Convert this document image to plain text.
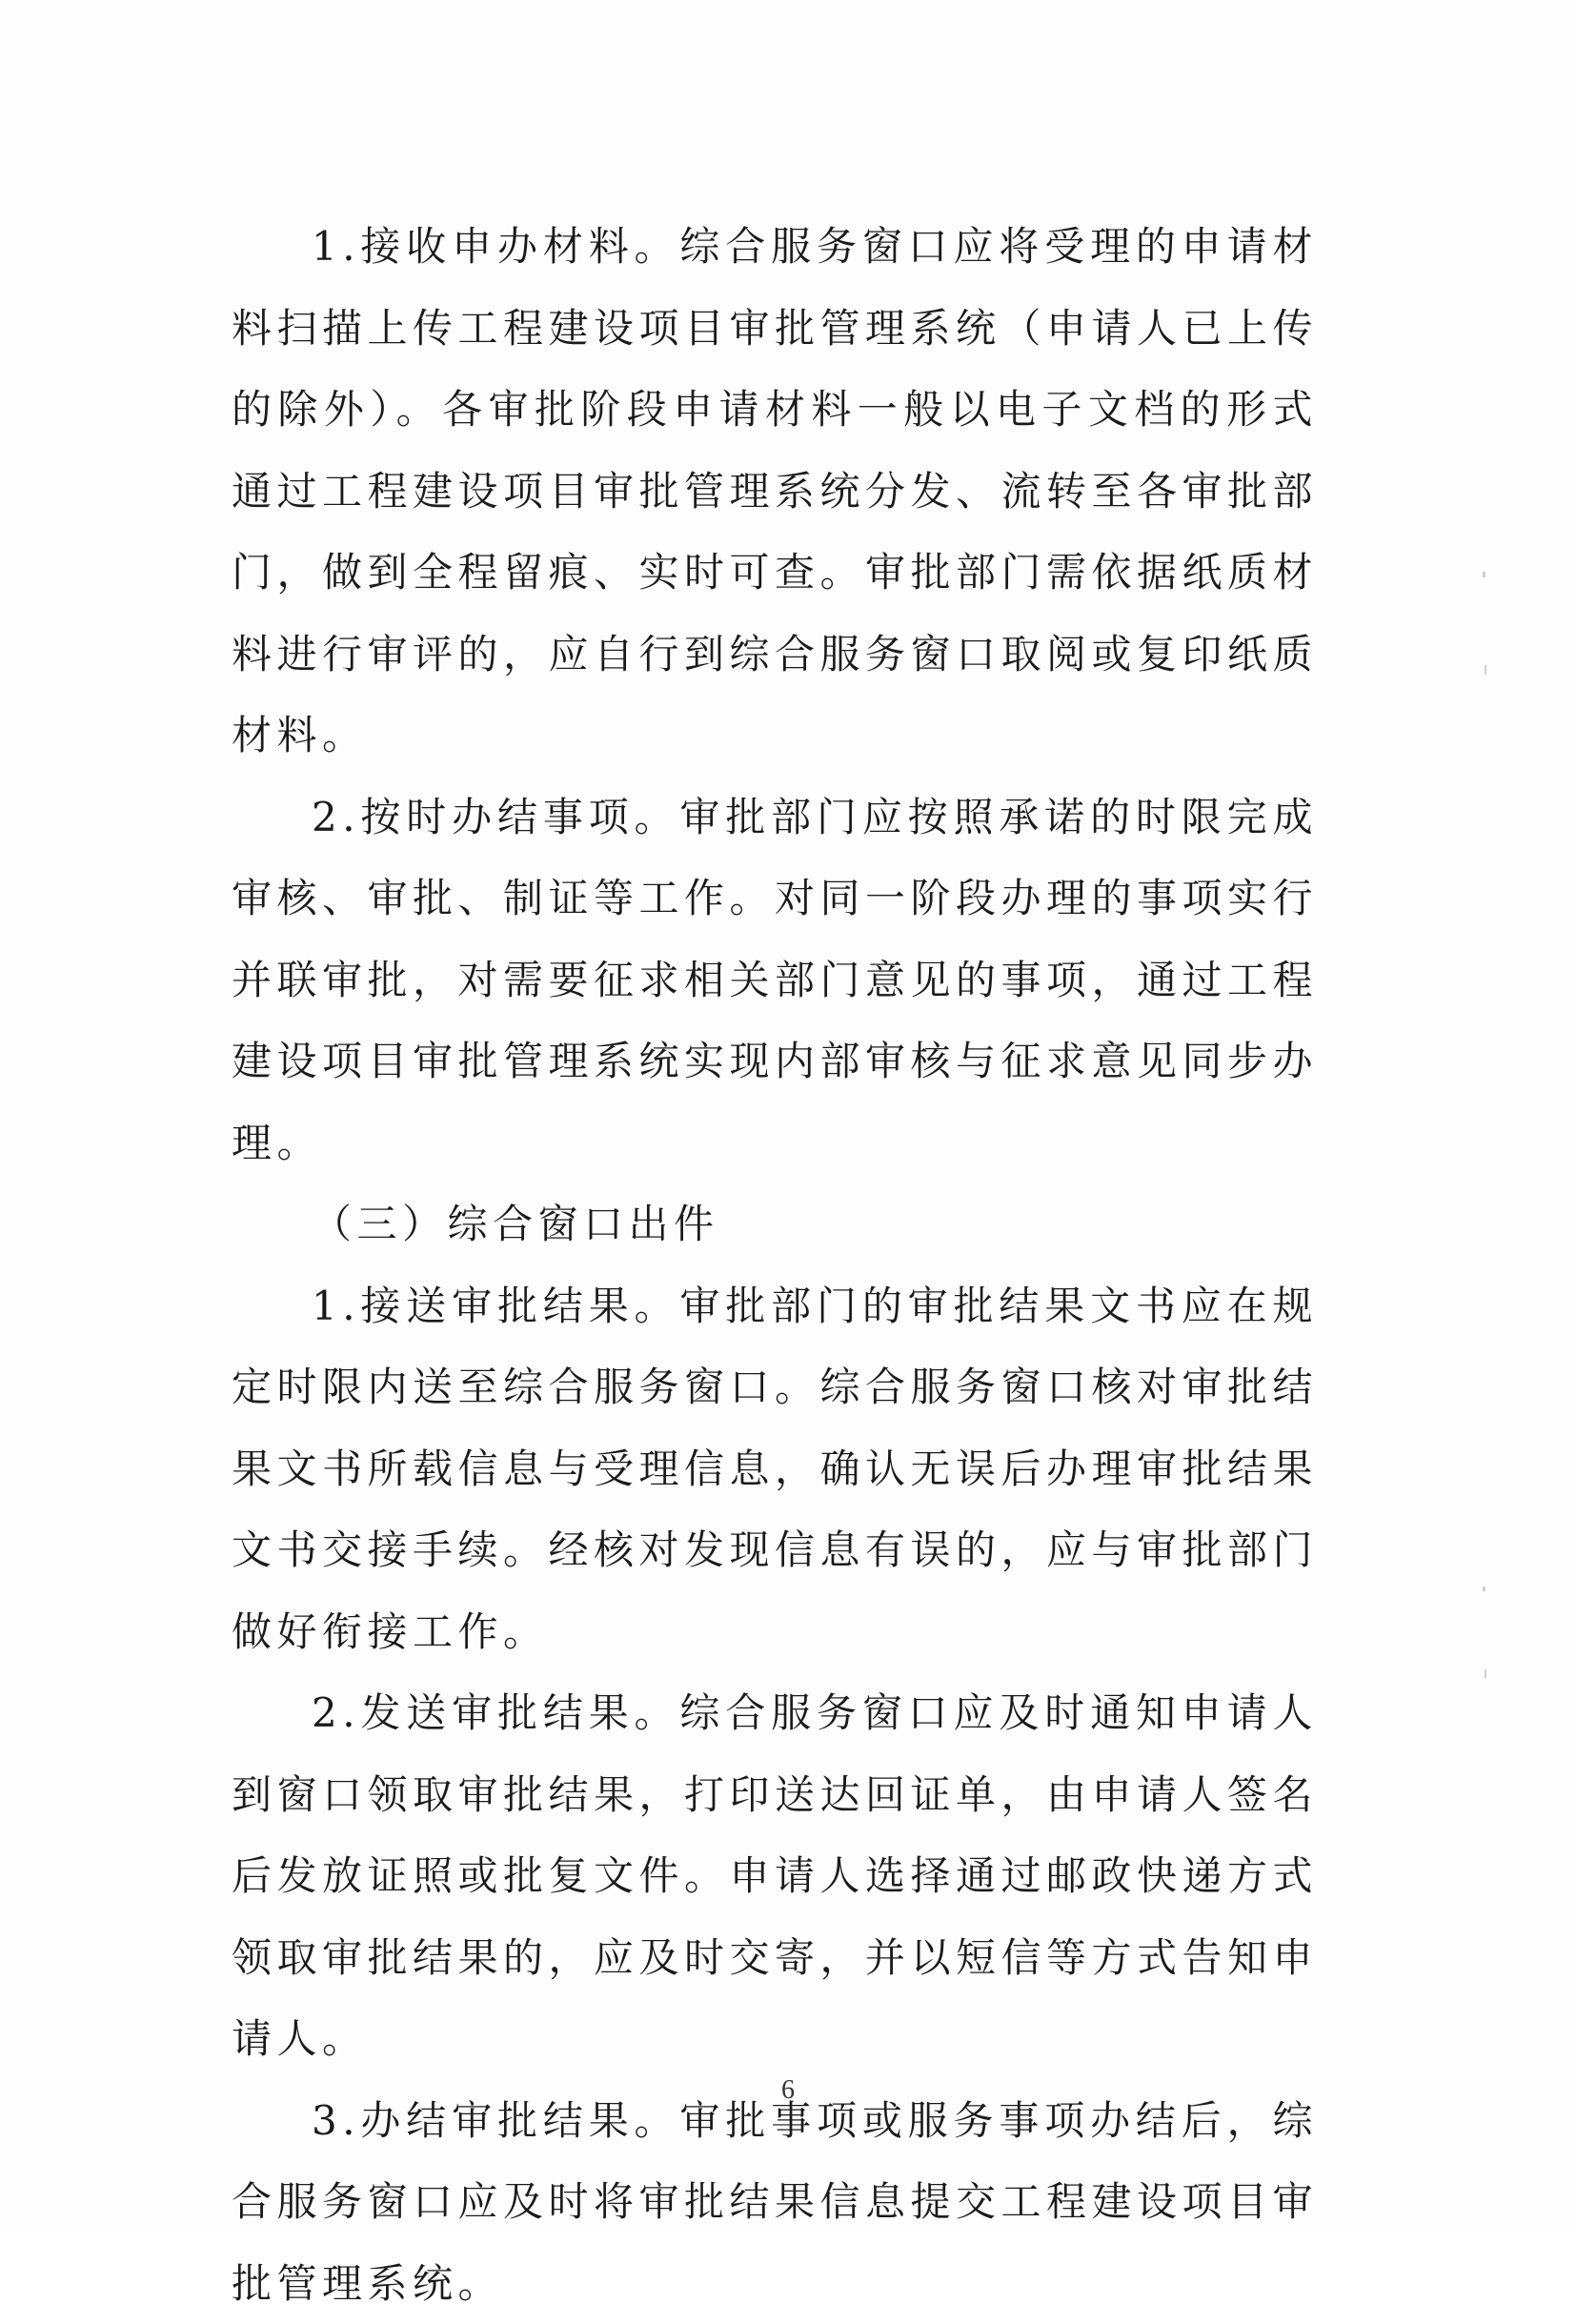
1.接收申办材料。综合服务窗口应将受理的申请材料扫描上传工程建设项目审批管理系统（申请人已上传的除外）。各审批阶段申请材料一般以电子文档的形式通过工程建设项目审批管理系统分发、流转至各审批部门，做到全程留痕、实时可查。审批部门需依据纸质材料进行审评的，应自行到综合服务窗口取阅或复印纸质材料。

2.按时办结事项。审批部门应按照承诺的时限完成审核、审批、制证等工作。对同一阶段办理的事项实行并联审批，对需要征求相关部门意见的事项，通过工程建设项目审批管理系统实现内部审核与征求意见同步办理。

（三）综合窗口出件

1.接送审批结果。审批部门的审批结果文书应在规定时限内送至综合服务窗口。综合服务窗口核对审批结果文书所载信息与受理信息，确认无误后办理审批结果文书交接手续。经核对发现信息有误的，应与审批部门做好衔接工作。

2.发送审批结果。综合服务窗口应及时通知申请人到窗口领取审批结果，打印送达回证单，由申请人签名后发放证照或批复文件。申请人选择通过邮政快递方式领取审批结果的，应及时交寄，并以短信等方式告知申请人。

3.办结审批结果。审批事项或服务事项办结后，综合服务窗口应及时将审批结果信息提交工程建设项目审批管理系统。

6
